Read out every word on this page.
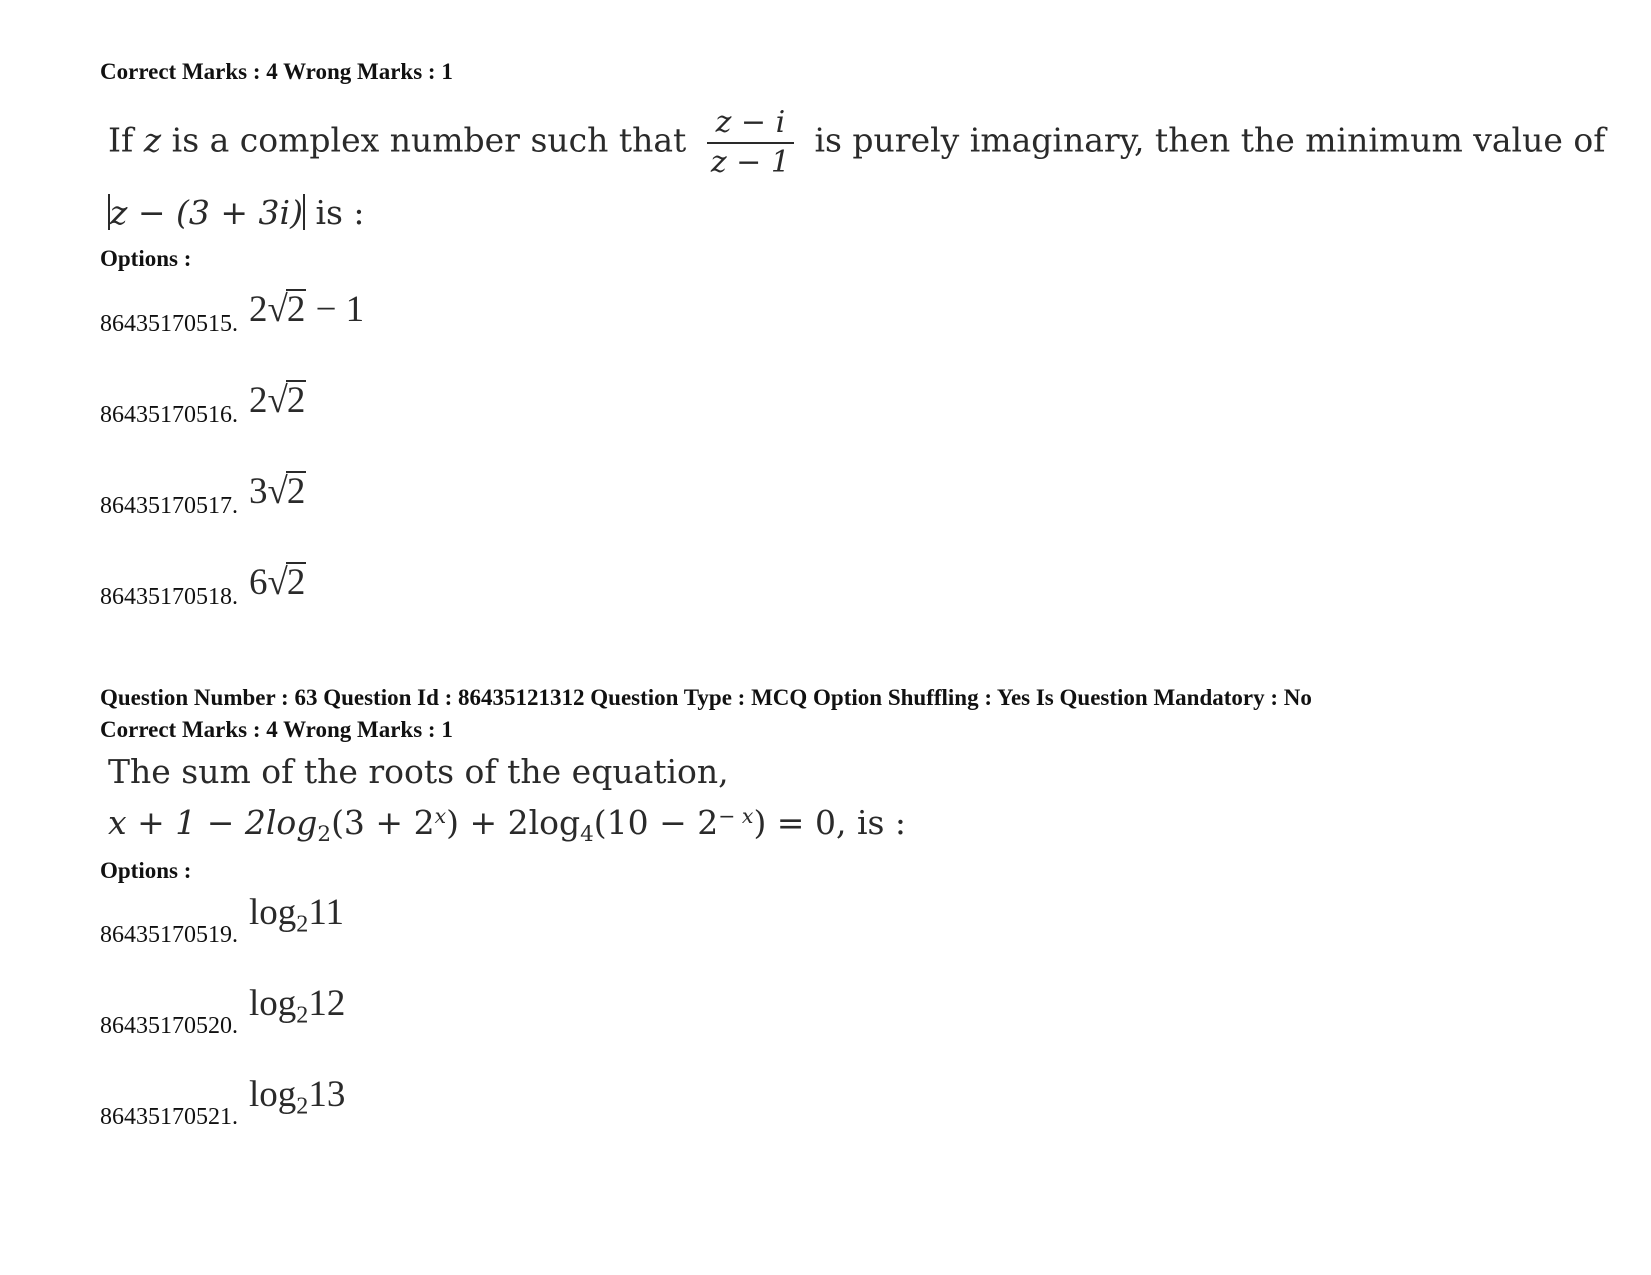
Correct Marks : 4 Wrong Marks : 1
If z is a complex number such that $\frac{z - i}{z - 1}$ is purely imaginary, then the minimum value of
z − (3 + 3i) is :
Options :
86435170515. 2√2 − 1
86435170516. 2√2
86435170517. 3√2
86435170518. 6√2
Question Number : 63 Question Id : 86435121312 Question Type : MCQ Option Shuffling : Yes Is Question Mandatory : No
Correct Marks : 4 Wrong Marks : 1
The sum of the roots of the equation,
$x + 1 - 2\log_2(3 + 2^x) + 2\log_4(10 - 2^{- x}) = 0$, is :
Options :
86435170519.
$\log_211$
86435170520.
$\log_212$
86435170521.
$\log_213$
